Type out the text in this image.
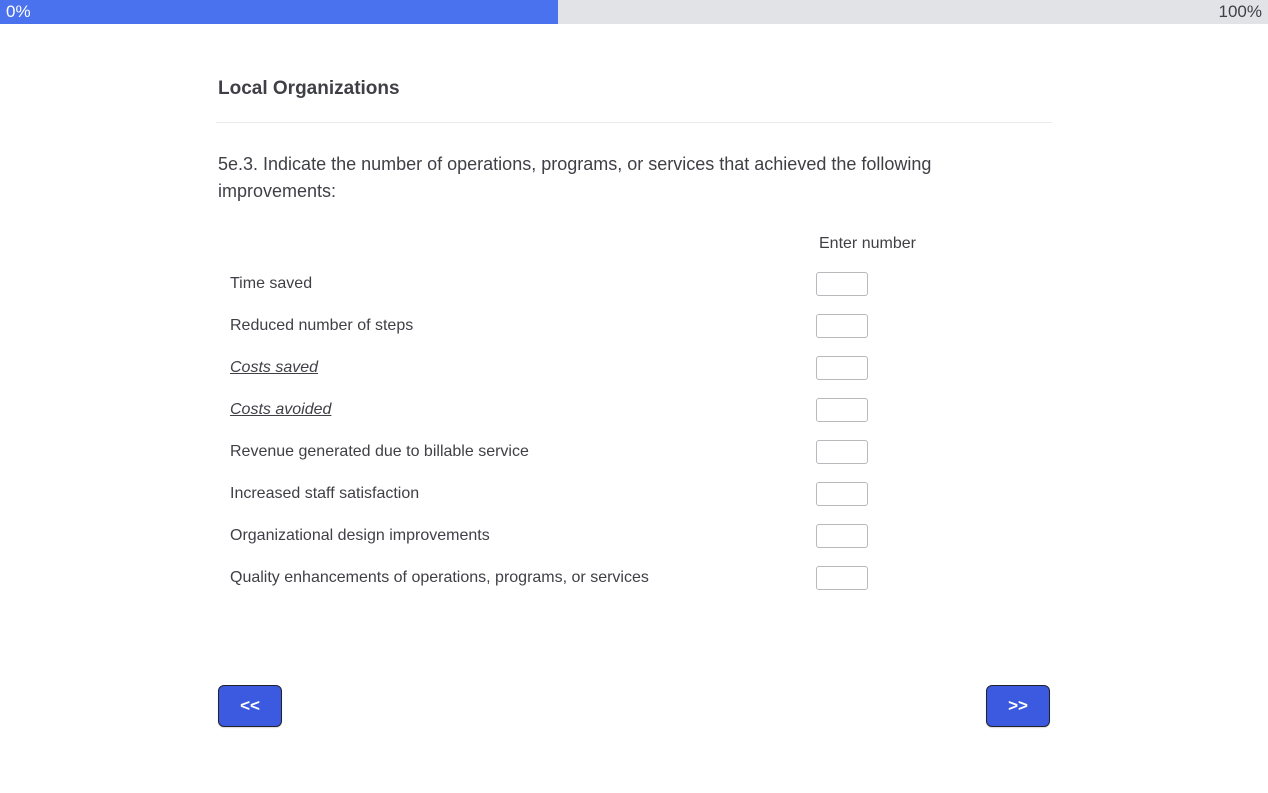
0%	100%
Local Organizations

5e.3. Indicate the number of operations, programs, or services that achieved the following improvements:

Enter number
Time saved
Reduced number of steps
Costs saved
Costs avoided
Revenue generated due to billable service
Increased staff satisfaction
Organizational design improvements
Quality enhancements of operations, programs, or services
<<	>>
